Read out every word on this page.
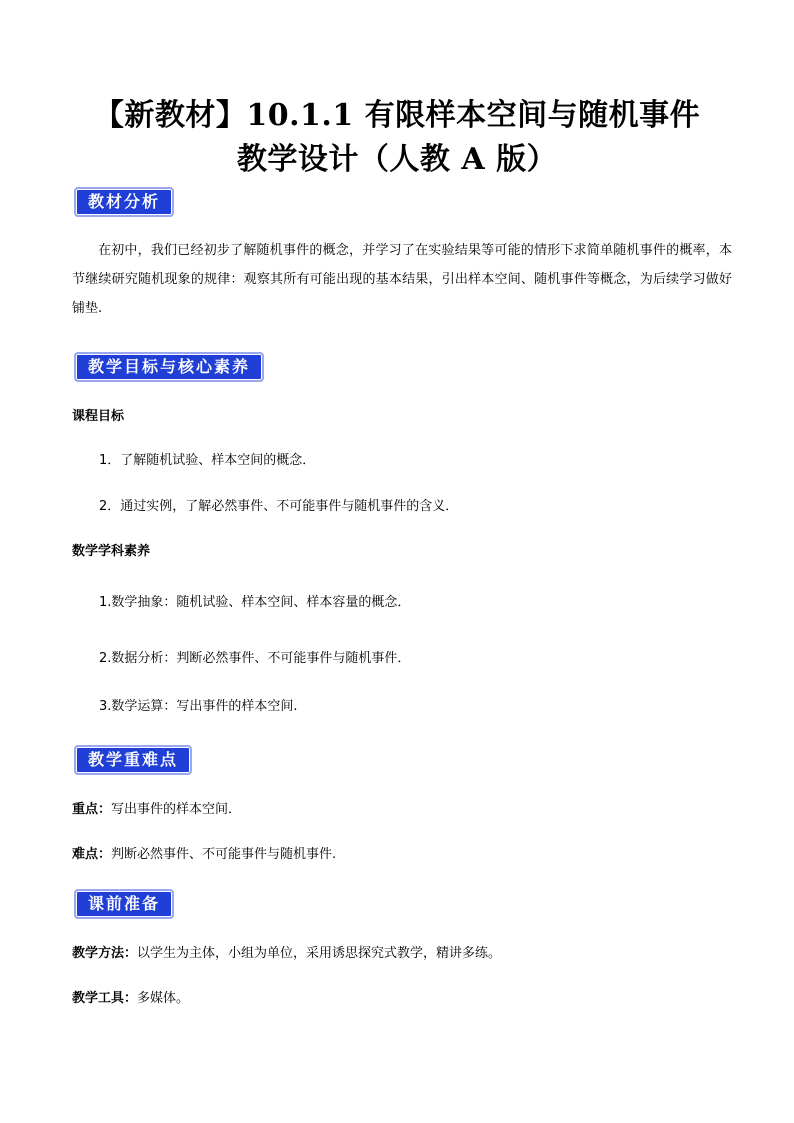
【新教材】10.1.1 有限样本空间与随机事件
教学设计（人教 A 版）
教材分析
在初中，我们已经初步了解随机事件的概念，并学习了在实验结果等可能的情形下求简单随机事件的概率，本节继续研究随机现象的规律：观察其所有可能出现的基本结果，引出样本空间、随机事件等概念，为后续学习做好铺垫.
教学目标与核心素养
课程目标
1．了解随机试验、样本空间的概念．
2．通过实例，了解必然事件、不可能事件与随机事件的含义．
数学学科素养
1.数学抽象：随机试验、样本空间、样本容量的概念．
2.数据分析：判断必然事件、不可能事件与随机事件．
3.数学运算：写出事件的样本空间.
教学重难点
重点：写出事件的样本空间．
难点：判断必然事件、不可能事件与随机事件.
课前准备
教学方法：以学生为主体，小组为单位，采用诱思探究式教学，精讲多练。
教学工具：多媒体。
